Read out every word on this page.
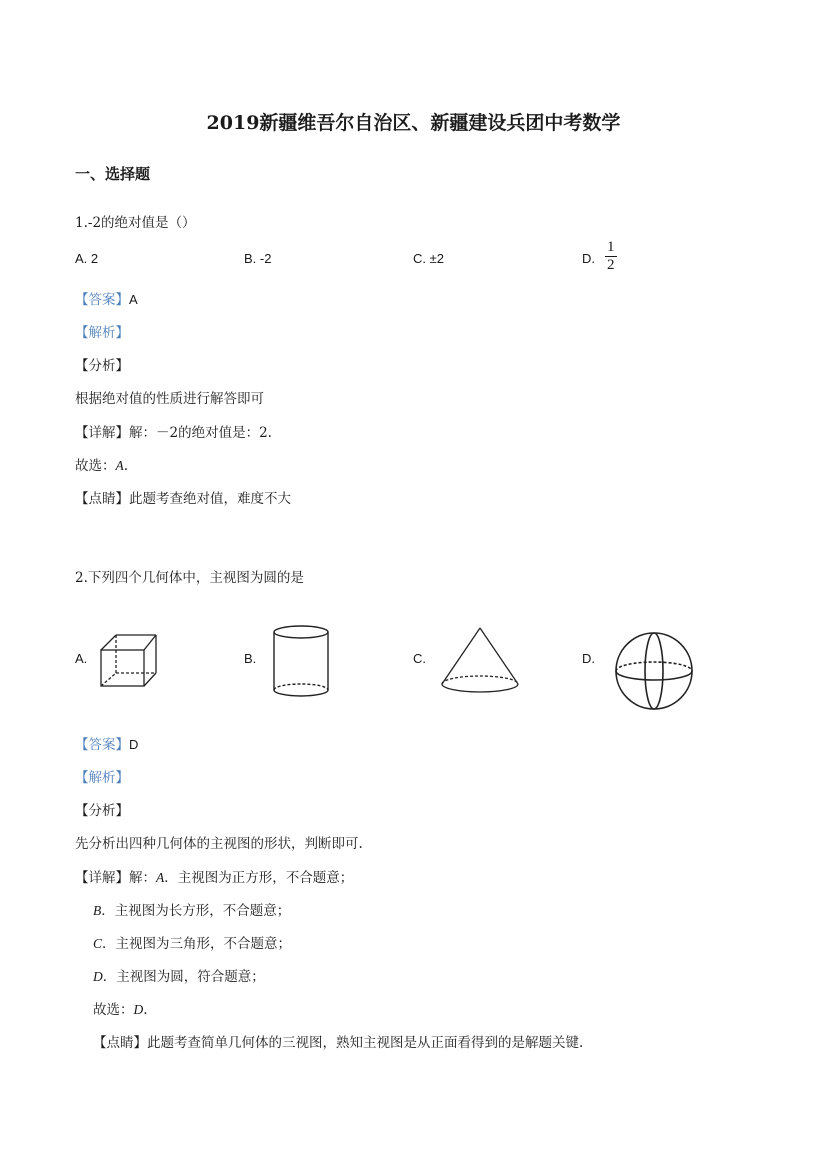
2019新疆维吾尔自治区、新疆建设兵团中考数学
一、选择题
1.-2的绝对值是（）
A. 2	B. -2	C. ±2	D. $\frac{1}{2}$
【答案】A
【解析】
【分析】
根据绝对值的性质进行解答即可
【详解】解：－2的绝对值是：2.
故选：A.
【点睛】此题考查绝对值，难度不大
2.下列四个几何体中，主视图为圆的是
A.	B.	C.	D.
【答案】D
【解析】
【分析】
先分析出四种几何体的主视图的形状，判断即可.
【详解】解：A．主视图为正方形，不合题意；
B．主视图为长方形，不合题意；
C．主视图为三角形，不合题意；
D．主视图为圆，符合题意；
故选：D.
【点睛】此题考查简单几何体的三视图，熟知主视图是从正面看得到的是解题关键.
